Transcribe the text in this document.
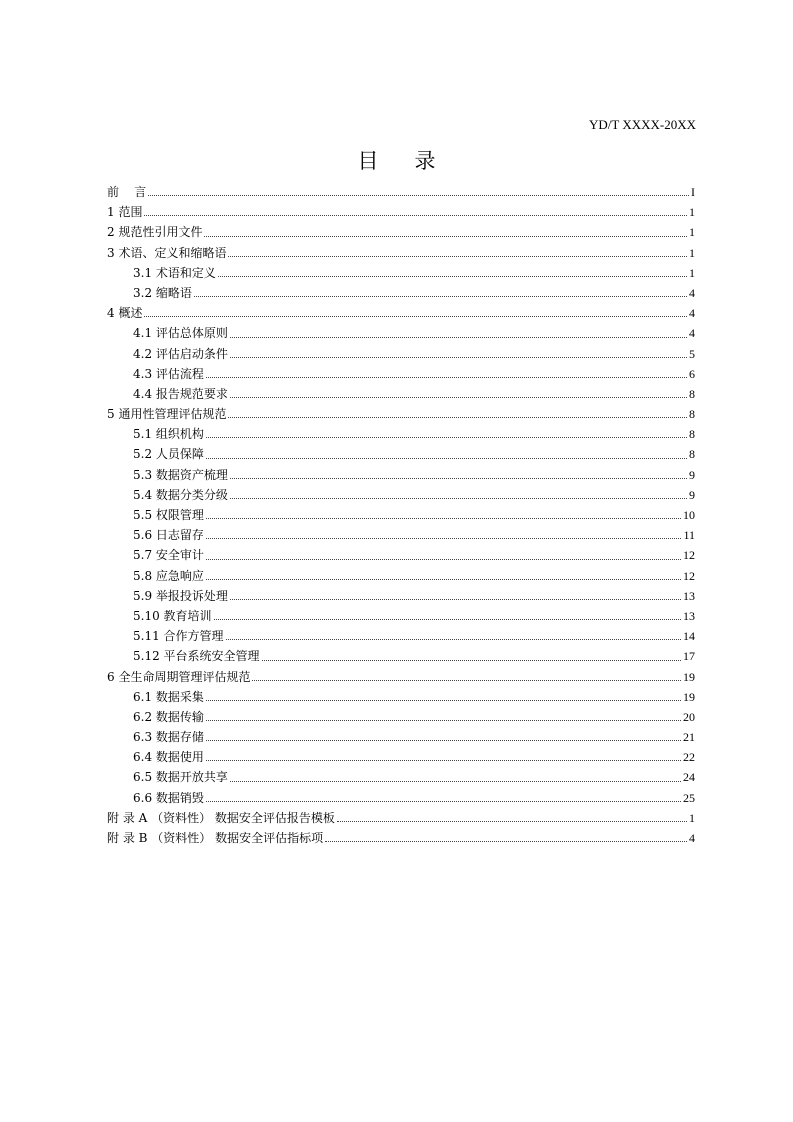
YD/T XXXX-20XX
目录
前    言	I
1 范围	1
2 规范性引用文件	1
3 术语、定义和缩略语	1
3.1 术语和定义	1
3.2 缩略语	4
4 概述	4
4.1 评估总体原则	4
4.2 评估启动条件	5
4.3 评估流程	6
4.4 报告规范要求	8
5 通用性管理评估规范	8
5.1 组织机构	8
5.2 人员保障	8
5.3 数据资产梳理	9
5.4 数据分类分级	9
5.5 权限管理	10
5.6 日志留存	11
5.7 安全审计	12
5.8 应急响应	12
5.9 举报投诉处理	13
5.10 教育培训	13
5.11 合作方管理	14
5.12 平台系统安全管理	17
6 全生命周期管理评估规范	19
6.1 数据采集	19
6.2 数据传输	20
6.3 数据存储	21
6.4 数据使用	22
6.5 数据开放共享	24
6.6 数据销毁	25
附 录 A （资料性） 数据安全评估报告模板	1
附 录 B （资料性） 数据安全评估指标项	4
